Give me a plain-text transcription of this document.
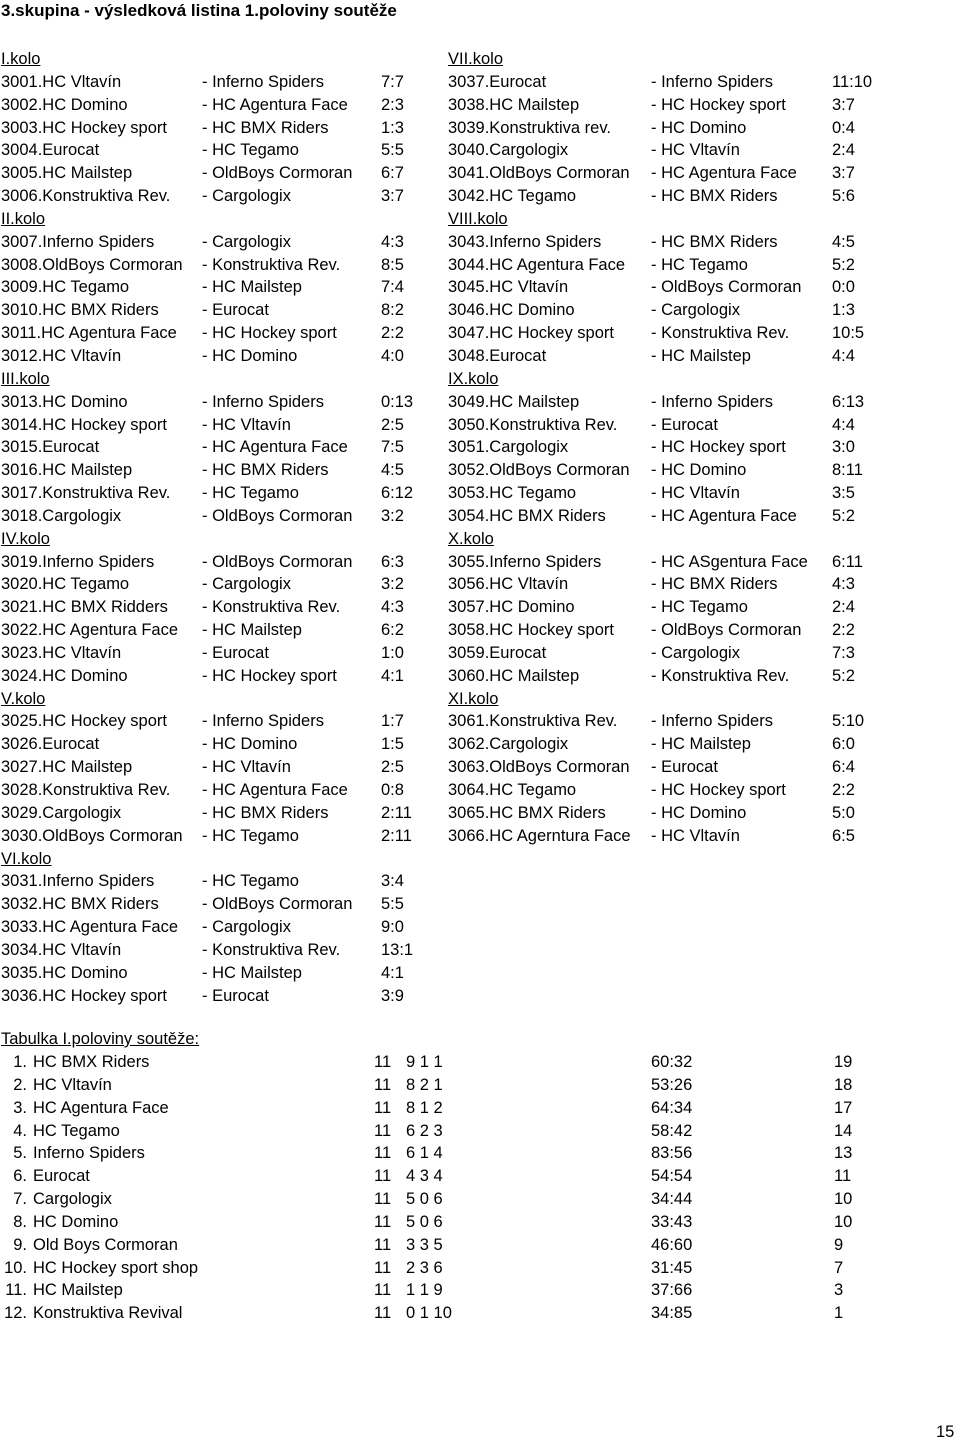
3.skupina - výsledková listina 1.poloviny soutěže
I.kolo
3001.HC Vltavín	- Inferno Spiders	7:7
3002.HC Domino	- HC Agentura Face 2:3
3003.HC Hockey sport - HC BMX Riders	1:3
3004.Eurocat	- HC Tegamo	5:5
3005.HC Mailstep	- OldBoys Cormoran 6:7
3006.Konstruktiva Rev. - Cargologix	3:7
II.kolo
3007.Inferno Spiders	- Cargologix	4:3
3008.OldBoys Cormoran - Konstruktiva Rev. 8:5
3009.HC Tegamo	- HC Mailstep	7:4
3010.HC BMX Riders	- Eurocat	8:2
3011.HC Agentura Face - HC Hockey sport	2:2
3012.HC Vltavín	- HC Domino	4:0
III.kolo
3013.HC Domino	- Inferno Spiders	0:13
3014.HC Hockey sport - HC Vltavín	2:5
3015.Eurocat	- HC Agentura Face 7:5
3016.HC Mailstep	- HC BMX Riders	4:5
3017.Konstruktiva Rev. - HC Tegamo	6:12
3018.Cargologix	- OldBoys Cormoran 3:2
IV.kolo
3019.Inferno Spiders	- OldBoys Cormoran 6:3
3020.HC Tegamo	- Cargologix	3:2
3021.HC BMX Ridders - Konstruktiva Rev. 4:3
3022.HC Agentura Face - HC Mailstep	6:2
3023.HC Vltavín	- Eurocat	1:0
3024.HC Domino	- HC Hockey sport	4:1
V.kolo
3025.HC Hockey sport - Inferno Spiders	1:7
3026.Eurocat	- HC Domino	1:5
3027.HC Mailstep	- HC Vltavín	2:5
3028.Konstruktiva Rev. - HC Agentura Face 0:8
3029.Cargologix	- HC BMX Riders	2:11
3030.OldBoys Cormoran - HC Tegamo	2:11
VI.kolo
3031.Inferno Spiders	- HC Tegamo	3:4
3032.HC BMX Riders	- OldBoys Cormoran 5:5
3033.HC Agentura Face - Cargologix	9:0
3034.HC Vltavín	- Konstruktiva Rev. 13:1
3035.HC Domino	- HC Mailstep	4:1
3036.HC Hockey sport - Eurocat	3:9
VII.kolo
3037.Eurocat	- Inferno Spiders	11:10
3038.HC Mailstep	- HC Hockey sport	3:7
3039.Konstruktiva rev. - HC Domino	0:4
3040.Cargologix	- HC Vltavín	2:4
3041.OldBoys Cormoran - HC Agentura Face 3:7
3042.HC Tegamo	- HC BMX Riders	5:6
VIII.kolo
3043.Inferno Spiders	- HC BMX Riders	4:5
3044.HC Agentura Face - HC Tegamo	5:2
3045.HC Vltavín	- OldBoys Cormoran 0:0
3046.HC Domino	- Cargologix	1:3
3047.HC Hockey sport - Konstruktiva Rev.	10:5
3048.Eurocat	- HC Mailstep	4:4
IX.kolo
3049.HC Mailstep	- Inferno Spiders	6:13
3050.Konstruktiva Rev. - Eurocat	4:4
3051.Cargologix	- HC Hockey sport	3:0
3052.OldBoys Cormoran - HC Domino	8:11
3053.HC Tegamo	- HC Vltavín	3:5
3054.HC BMX Riders	- HC Agentura Face 5:2
X.kolo
3055.Inferno Spiders	- HC ASgentura Face 6:11
3056.HC Vltavín	- HC BMX Riders	4:3
3057.HC Domino	- HC Tegamo	2:4
3058.HC Hockey sport - OldBoys Cormoran 2:2
3059.Eurocat	- Cargologix	7:3
3060.HC Mailstep	- Konstruktiva Rev.	5:2
XI.kolo
3061.Konstruktiva Rev. - Inferno Spiders	5:10
3062.Cargologix	- HC Mailstep	6:0
3063.OldBoys Cormoran - Eurocat	6:4
3064.HC Tegamo	- HC Hockey sport	2:2
3065.HC BMX Riders	- HC Domino	5:0
3066.HC Agerntura Face - HC Vltavín	6:5
Tabulka I.poloviny soutěže:
1. HC BMX Riders	11 9 1 1	60:32	19
2. HC Vltavín	11 8 2 1	53:26	18
3. HC Agentura Face	11 8 1 2	64:34	17
4. HC Tegamo	11 6 2 3	58:42	14
5. Inferno Spiders	11 6 1 4	83:56	13
6. Eurocat	11 4 3 4	54:54	11
7. Cargologix	11 5 0 6	34:44	10
8. HC Domino	11 5 0 6	33:43	10
9. Old Boys Cormoran	11 3 3 5	46:60	9
10. HC Hockey sport shop	11 2 3 6	31:45	7
11. HC Mailstep	11 1 1 9	37:66	3
12. Konstruktiva Revival	11 0 1 10	34:85	1
15
